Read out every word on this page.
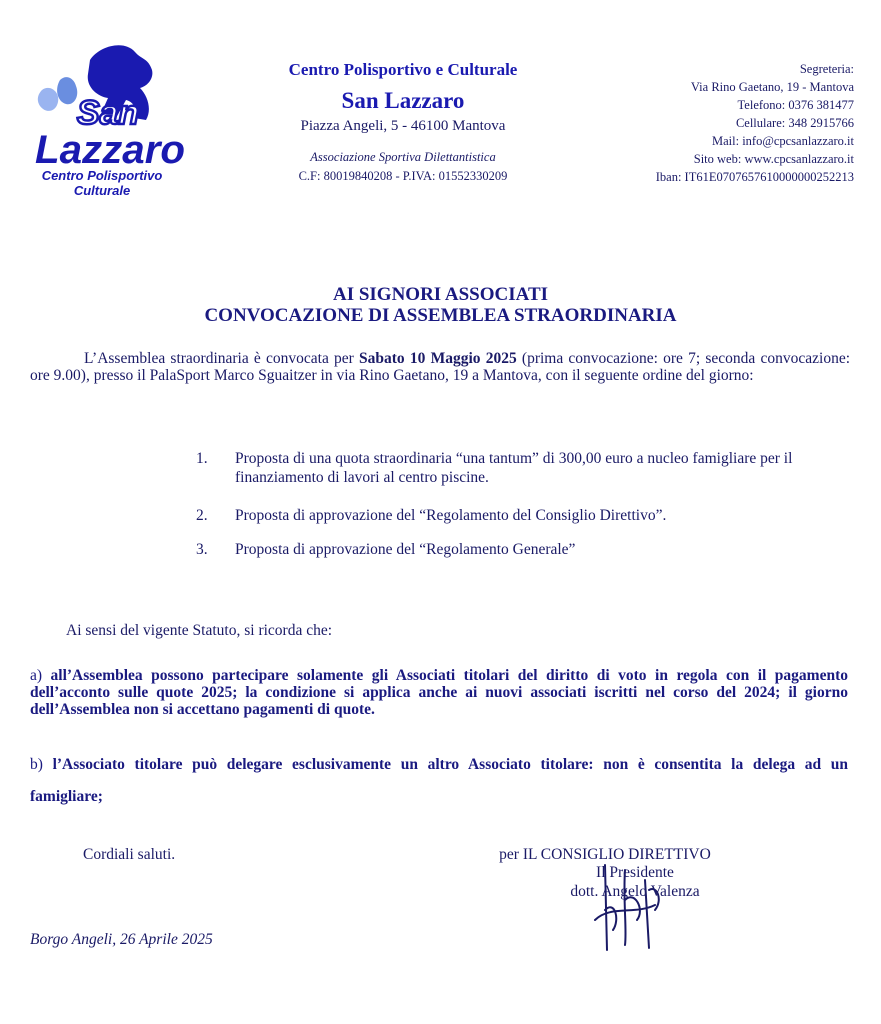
San
Lazzaro
Centro Polisportivo
Culturale
Centro Polisportivo e Culturale
San Lazzaro
Piazza Angeli, 5 - 46100 Mantova
Associazione Sportiva Dilettantistica
C.F: 80019840208 - P.IVA: 01552330209
Segreteria:
Via Rino Gaetano, 19 - Mantova
Telefono: 0376 381477
Cellulare: 348 2915766
Mail: info@cpcsanlazzaro.it
Sito web: www.cpcsanlazzaro.it
Iban: IT61E0707657610000000252213
AI SIGNORI ASSOCIATI
CONVOCAZIONE DI ASSEMBLEA STRAORDINARIA
L’Assemblea straordinaria è convocata per Sabato 10 Maggio 2025 (prima convocazione: ore 7; seconda convocazione: ore 9.00), presso il PalaSport Marco Sguaitzer in via Rino Gaetano, 19 a Mantova, con il seguente ordine del giorno:
1.	Proposta di una quota straordinaria “una tantum” di 300,00 euro a nucleo famigliare per il finanziamento di lavori al centro piscine.
2.	Proposta di approvazione del “Regolamento del Consiglio Direttivo”.
3.	Proposta di approvazione del “Regolamento Generale”
Ai sensi del vigente Statuto, si ricorda che:
a) all’Assemblea possono partecipare solamente gli Associati titolari del diritto di voto in regola con il pagamento dell’acconto sulle quote 2025; la condizione si applica anche ai nuovi associati iscritti nel corso del 2024; il giorno dell’Assemblea non si accettano pagamenti di quote.
b) l’Associato titolare può delegare esclusivamente un altro Associato titolare: non è consentita la delega ad un
famigliare;
Cordiali saluti.	per IL CONSIGLIO DIRETTIVO
Il Presidente
dott. Angelo Valenza
Borgo Angeli, 26 Aprile 2025
